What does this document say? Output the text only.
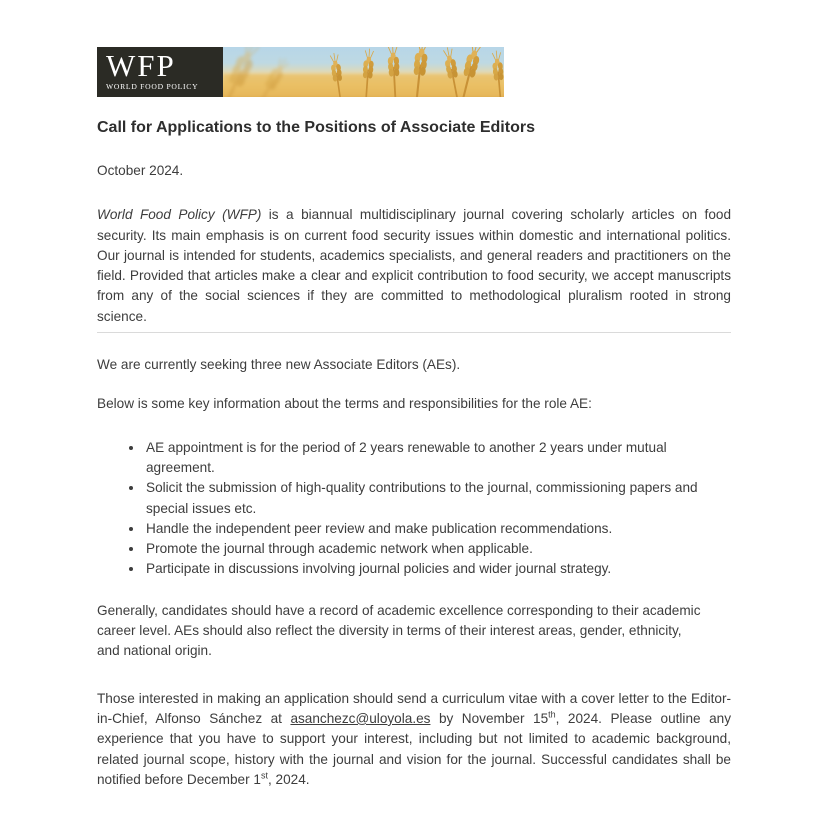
WFP
WORLD FOOD POLICY
Call for Applications to the Positions of Associate Editors
October 2024.
World Food Policy (WFP) is a biannual multidisciplinary journal covering scholarly articles on food security. Its main emphasis is on current food security issues within domestic and international politics. Our journal is intended for students, academics specialists, and general readers and practitioners on the field. Provided that articles make a clear and explicit contribution to food security, we accept manuscripts from any of the social sciences if they are committed to methodological pluralism rooted in strong science.
We are currently seeking three new Associate Editors (AEs).
Below is some key information about the terms and responsibilities for the role AE:
• AE appointment is for the period of 2 years renewable to another 2 years under mutual agreement.
• Solicit the submission of high-quality contributions to the journal, commissioning papers and special issues etc.
• Handle the independent peer review and make publication recommendations.
• Promote the journal through academic network when applicable.
• Participate in discussions involving journal policies and wider journal strategy.
Generally, candidates should have a record of academic excellence corresponding to their academic career level. AEs should also reflect the diversity in terms of their interest areas, gender, ethnicity, and national origin.
Those interested in making an application should send a curriculum vitae with a cover letter to the Editor-in-Chief, Alfonso Sánchez at asanchezc@uloyola.es by November 15th, 2024. Please outline any experience that you have to support your interest, including but not limited to academic background, related journal scope, history with the journal and vision for the journal. Successful candidates shall be notified before December 1st, 2024.
